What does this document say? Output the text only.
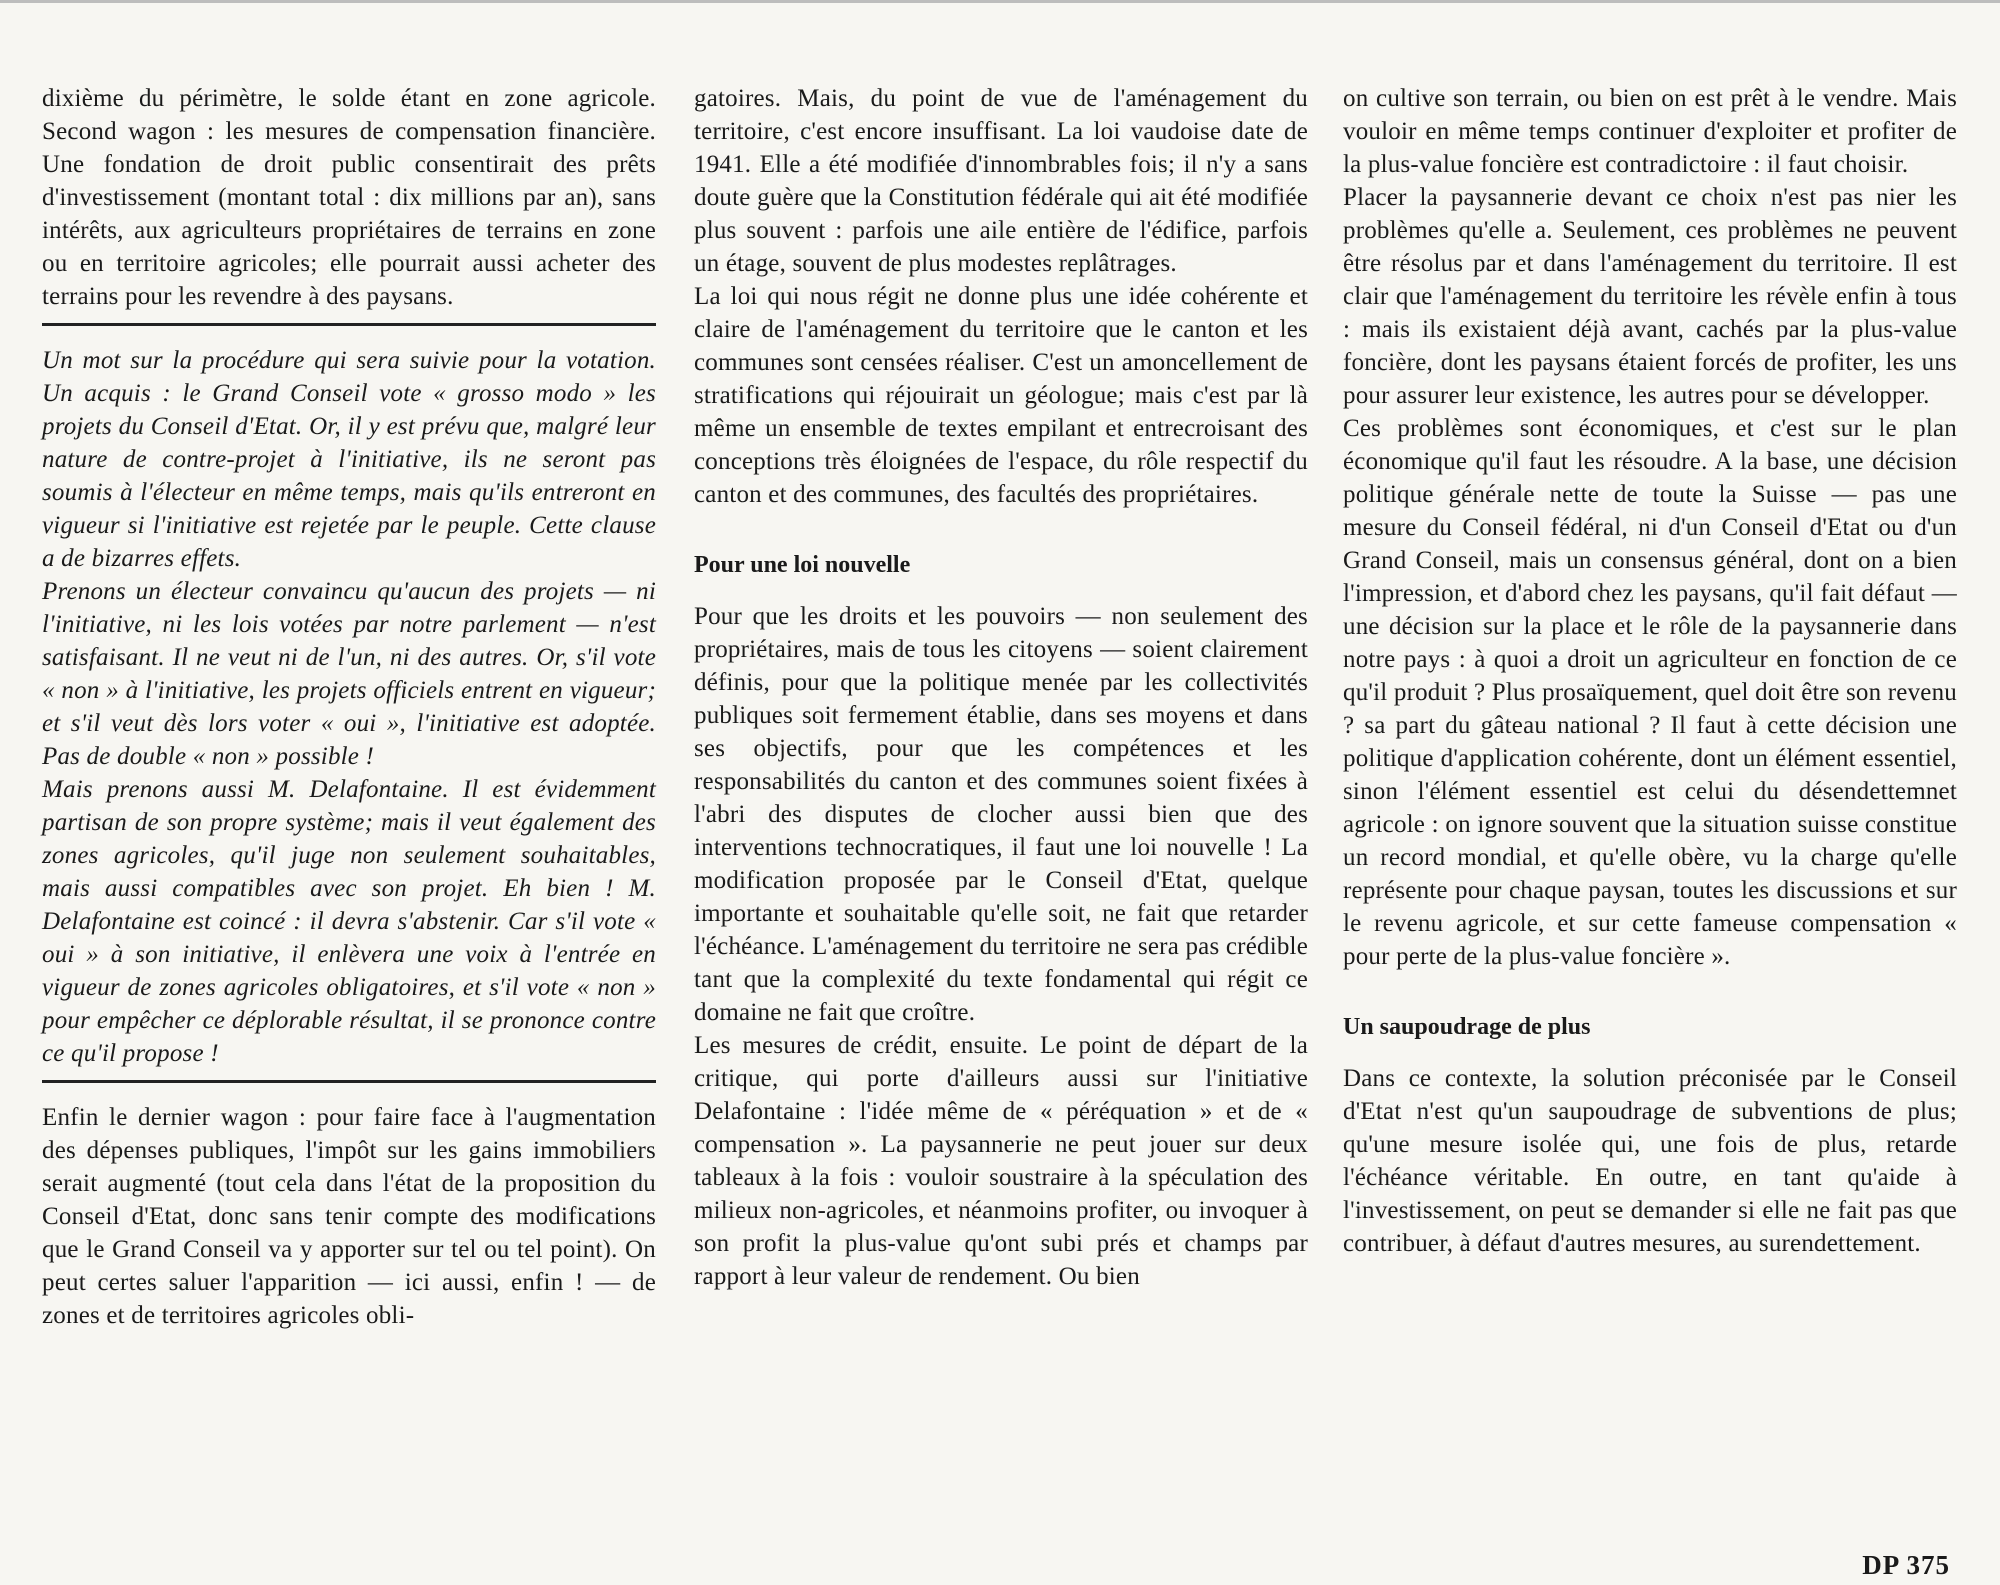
dixième du périmètre, le solde étant en zone agricole. Second wagon : les mesures de compensation financière. Une fondation de droit public consentirait des prêts d'investissement (montant total : dix millions par an), sans intérêts, aux agriculteurs propriétaires de terrains en zone ou en territoire agricoles; elle pourrait aussi acheter des terrains pour les revendre à des paysans.

Un mot sur la procédure qui sera suivie pour la votation. Un acquis : le Grand Conseil vote « grosso modo » les projets du Conseil d'Etat. Or, il y est prévu que, malgré leur nature de contre-projet à l'initiative, ils ne seront pas soumis à l'électeur en même temps, mais qu'ils entreront en vigueur si l'initiative est rejetée par le peuple. Cette clause a de bizarres effets.

Prenons un électeur convaincu qu'aucun des projets — ni l'initiative, ni les lois votées par notre parlement — n'est satisfaisant. Il ne veut ni de l'un, ni des autres. Or, s'il vote « non » à l'initiative, les projets officiels entrent en vigueur; et s'il veut dès lors voter « oui », l'initiative est adoptée. Pas de double « non » possible !

Mais prenons aussi M. Delafontaine. Il est évidemment partisan de son propre système; mais il veut également des zones agricoles, qu'il juge non seulement souhaitables, mais aussi compatibles avec son projet. Eh bien ! M. Delafontaine est coincé : il devra s'abstenir. Car s'il vote « oui » à son initiative, il enlèvera une voix à l'entrée en vigueur de zones agricoles obligatoires, et s'il vote « non » pour empêcher ce déplorable résultat, il se prononce contre ce qu'il propose !

Enfin le dernier wagon : pour faire face à l'augmentation des dépenses publiques, l'impôt sur les gains immobiliers serait augmenté (tout cela dans l'état de la proposition du Conseil d'Etat, donc sans tenir compte des modifications que le Grand Conseil va y apporter sur tel ou tel point). On peut certes saluer l'apparition — ici aussi, enfin ! — de zones et de territoires agricoles obli-

gatoires. Mais, du point de vue de l'aménagement du territoire, c'est encore insuffisant. La loi vaudoise date de 1941. Elle a été modifiée d'innombrables fois; il n'y a sans doute guère que la Constitution fédérale qui ait été modifiée plus souvent : parfois une aile entière de l'édifice, parfois un étage, souvent de plus modestes replâtrages.

La loi qui nous régit ne donne plus une idée cohérente et claire de l'aménagement du territoire que le canton et les communes sont censées réaliser. C'est un amoncellement de stratifications qui réjouirait un géologue; mais c'est par là même un ensemble de textes empilant et entrecroisant des conceptions très éloignées de l'espace, du rôle respectif du canton et des communes, des facultés des propriétaires.

Pour une loi nouvelle

Pour que les droits et les pouvoirs — non seulement des propriétaires, mais de tous les citoyens — soient clairement définis, pour que la politique menée par les collectivités publiques soit fermement établie, dans ses moyens et dans ses objectifs, pour que les compétences et les responsabilités du canton et des communes soient fixées à l'abri des disputes de clocher aussi bien que des interventions technocratiques, il faut une loi nouvelle ! La modification proposée par le Conseil d'Etat, quelque importante et souhaitable qu'elle soit, ne fait que retarder l'échéance. L'aménagement du territoire ne sera pas crédible tant que la complexité du texte fondamental qui régit ce domaine ne fait que croître.

Les mesures de crédit, ensuite. Le point de départ de la critique, qui porte d'ailleurs aussi sur l'initiative Delafontaine : l'idée même de « péréquation » et de « compensation ». La paysannerie ne peut jouer sur deux tableaux à la fois : vouloir soustraire à la spéculation des milieux non-agricoles, et néanmoins profiter, ou invoquer à son profit la plus-value qu'ont subi prés et champs par rapport à leur valeur de rendement. Ou bien

on cultive son terrain, ou bien on est prêt à le vendre. Mais vouloir en même temps continuer d'exploiter et profiter de la plus-value foncière est contradictoire : il faut choisir.

Placer la paysannerie devant ce choix n'est pas nier les problèmes qu'elle a. Seulement, ces problèmes ne peuvent être résolus par et dans l'aménagement du territoire. Il est clair que l'aménagement du territoire les révèle enfin à tous : mais ils existaient déjà avant, cachés par la plus-value foncière, dont les paysans étaient forcés de profiter, les uns pour assurer leur existence, les autres pour se développer.

Ces problèmes sont économiques, et c'est sur le plan économique qu'il faut les résoudre. A la base, une décision politique générale nette de toute la Suisse — pas une mesure du Conseil fédéral, ni d'un Conseil d'Etat ou d'un Grand Conseil, mais un consensus général, dont on a bien l'impression, et d'abord chez les paysans, qu'il fait défaut — une décision sur la place et le rôle de la paysannerie dans notre pays : à quoi a droit un agriculteur en fonction de ce qu'il produit ? Plus prosaïquement, quel doit être son revenu ? sa part du gâteau national ? Il faut à cette décision une politique d'application cohérente, dont un élément essentiel, sinon l'élément essentiel est celui du désendettemnet agricole : on ignore souvent que la situation suisse constitue un record mondial, et qu'elle obère, vu la charge qu'elle représente pour chaque paysan, toutes les discussions et sur le revenu agricole, et sur cette fameuse compensation « pour perte de la plus-value foncière ».

Un saupoudrage de plus

Dans ce contexte, la solution préconisée par le Conseil d'Etat n'est qu'un saupoudrage de subventions de plus; qu'une mesure isolée qui, une fois de plus, retarde l'échéance véritable. En outre, en tant qu'aide à l'investissement, on peut se demander si elle ne fait pas que contribuer, à défaut d'autres mesures, au surendettement.

DP 375
